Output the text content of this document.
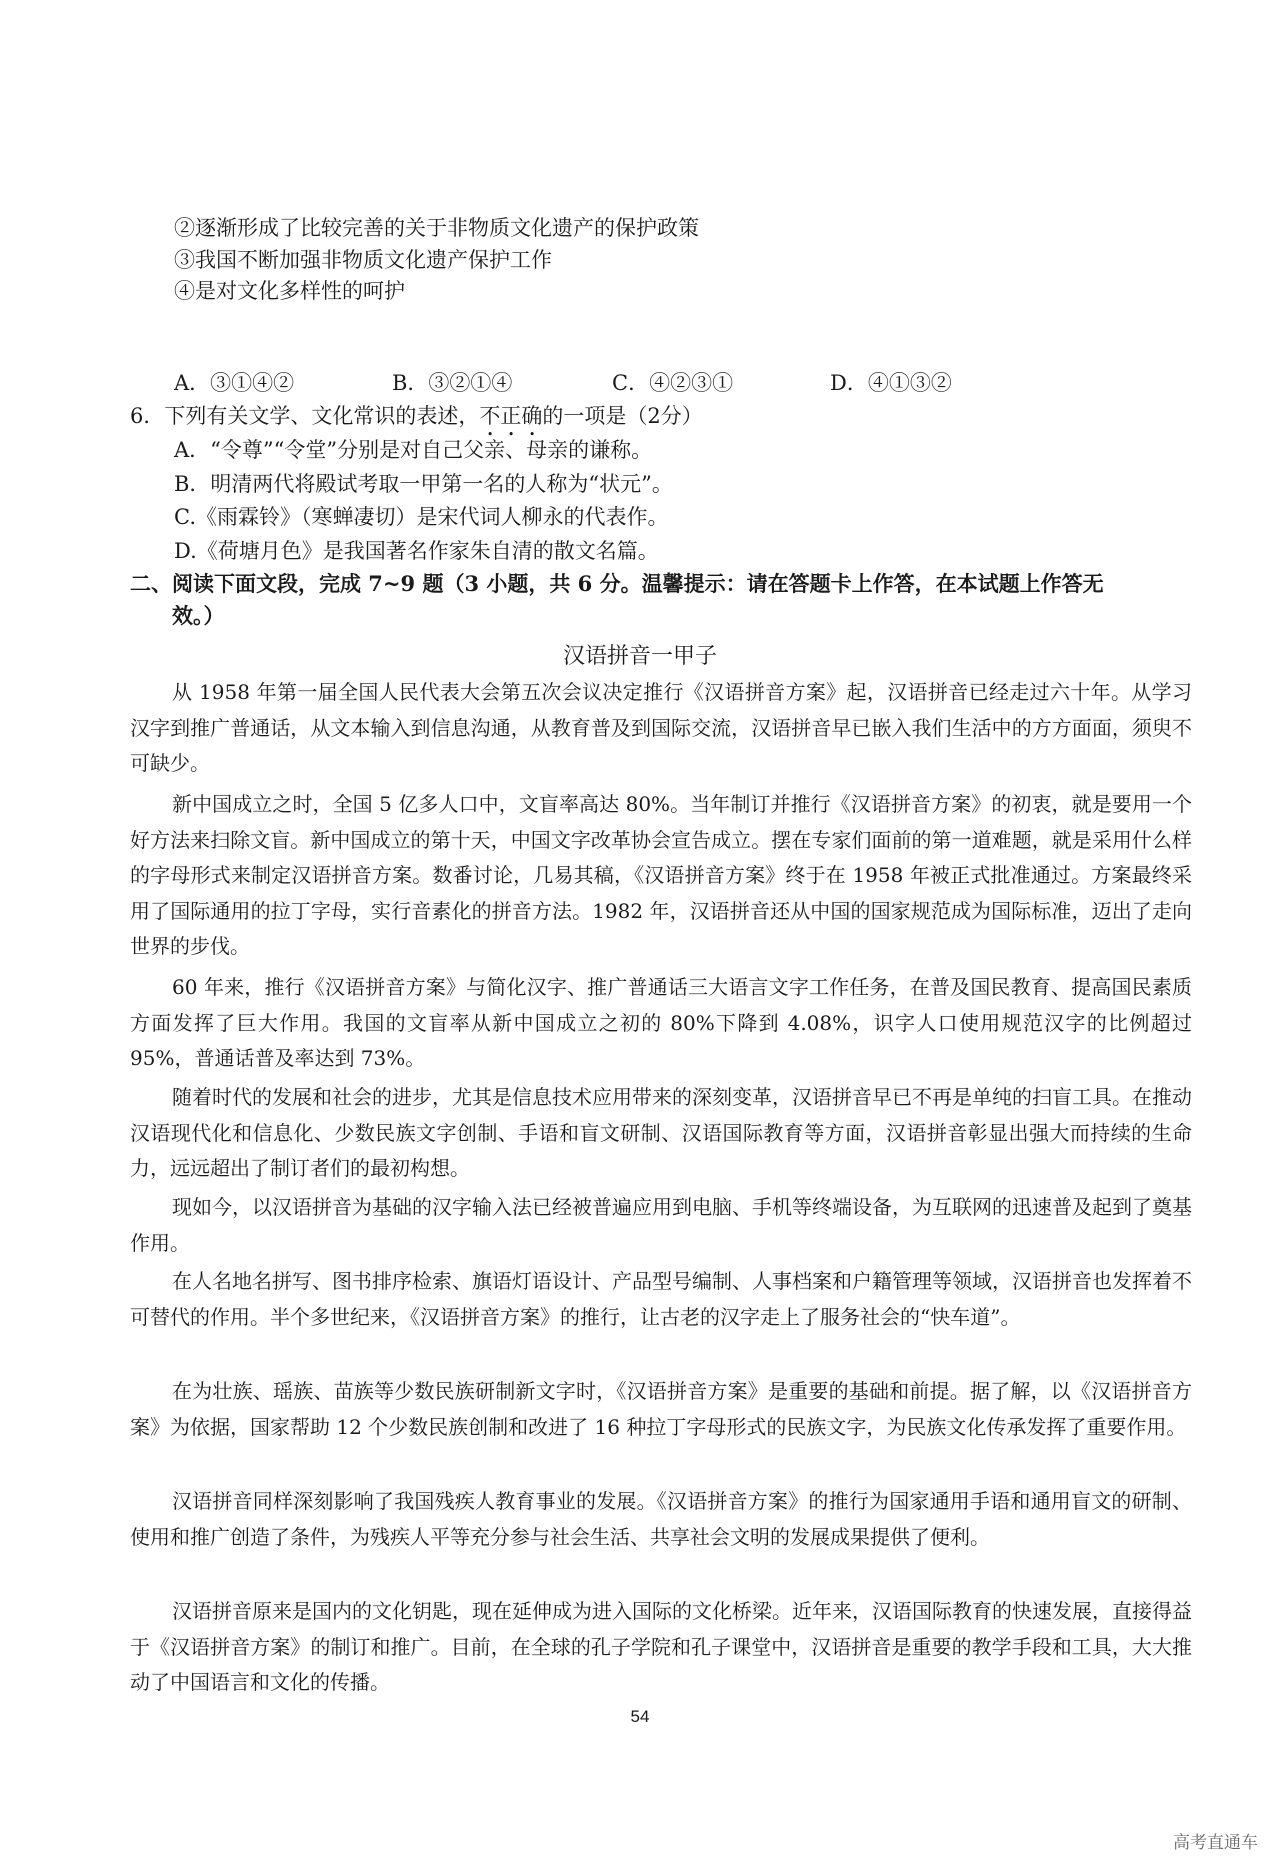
②逐渐形成了比较完善的关于非物质文化遗产的保护政策
③我国不断加强非物质文化遗产保护工作
④是对文化多样性的呵护
A．③①④②	B．③②①④	C．④②③①	D．④①③②
6．下列有关文学、文化常识的表述，不正确的一项是（2分）
A．“令尊”“令堂”分别是对自己父亲、母亲的谦称。
B．明清两代将殿试考取一甲第一名的人称为“状元”。
C.《雨霖铃》（寒蝉凄切）是宋代词人柳永的代表作。
D.《荷塘月色》是我国著名作家朱自清的散文名篇。
二、阅读下面文段，完成 7~9 题（3 小题，共 6 分。温馨提示：请在答题卡上作答，在本试题上作答无
效。）
汉语拼音一甲子
从 1958 年第一届全国人民代表大会第五次会议决定推行《汉语拼音方案》起，汉语拼音已经走过六十年。从学习汉字到推广普通话，从文本输入到信息沟通，从教育普及到国际交流，汉语拼音早已嵌入我们生活中的方方面面，须臾不可缺少。
新中国成立之时，全国 5 亿多人口中，文盲率高达 80%。当年制订并推行《汉语拼音方案》的初衷，就是要用一个好方法来扫除文盲。新中国成立的第十天，中国文字改革协会宣告成立。摆在专家们面前的第一道难题，就是采用什么样的字母形式来制定汉语拼音方案。数番讨论，几易其稿，《汉语拼音方案》终于在 1958 年被正式批准通过。方案最终采用了国际通用的拉丁字母，实行音素化的拼音方法。1982 年，汉语拼音还从中国的国家规范成为国际标准，迈出了走向世界的步伐。
60 年来，推行《汉语拼音方案》与简化汉字、推广普通话三大语言文字工作任务，在普及国民教育、提高国民素质方面发挥了巨大作用。我国的文盲率从新中国成立之初的 80%下降到 4.08%，识字人口使用规范汉字的比例超过 95%，普通话普及率达到 73%。
随着时代的发展和社会的进步，尤其是信息技术应用带来的深刻变革，汉语拼音早已不再是单纯的扫盲工具。在推动汉语现代化和信息化、少数民族文字创制、手语和盲文研制、汉语国际教育等方面，汉语拼音彰显出强大而持续的生命力，远远超出了制订者们的最初构想。
现如今，以汉语拼音为基础的汉字输入法已经被普遍应用到电脑、手机等终端设备，为互联网的迅速普及起到了奠基作用。
在人名地名拼写、图书排序检索、旗语灯语设计、产品型号编制、人事档案和户籍管理等领域，汉语拼音也发挥着不可替代的作用。半个多世纪来，《汉语拼音方案》的推行，让古老的汉字走上了服务社会的“快车道”。
在为壮族、瑶族、苗族等少数民族研制新文字时，《汉语拼音方案》是重要的基础和前提。据了解，以《汉语拼音方案》为依据，国家帮助 12 个少数民族创制和改进了 16 种拉丁字母形式的民族文字，为民族文化传承发挥了重要作用。
汉语拼音同样深刻影响了我国残疾人教育事业的发展。《汉语拼音方案》的推行为国家通用手语和通用盲文的研制、使用和推广创造了条件，为残疾人平等充分参与社会生活、共享社会文明的发展成果提供了便利。
汉语拼音原来是国内的文化钥匙，现在延伸成为进入国际的文化桥梁。近年来，汉语国际教育的快速发展，直接得益于《汉语拼音方案》的制订和推广。目前，在全球的孔子学院和孔子课堂中，汉语拼音是重要的教学手段和工具，大大推动了中国语言和文化的传播。
54
高考直通车
